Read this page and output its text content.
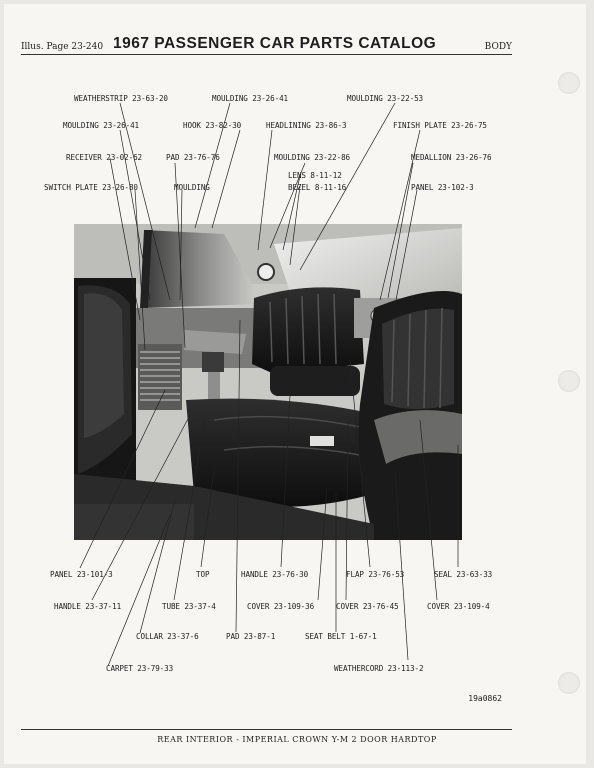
Illus. Page 23-240 1967 PASSENGER CAR PARTS CATALOG	BODY
WEATHERSTRIP 23-63-20	MOULDING 23-26-41	MOULDING 23-22-53
MOULDING 23-26-41	HOOK 23-82-30	HEADLINING 23-86-3	FINISH PLATE 23-26-75
RECEIVER 23-02-62	PAD 23-76-76	MOULDING 23-22-86	MEDALLION 23-26-76
LENS 8-11-12
BEZEL 8-11-16
SWITCH PLATE 23-26-80	MOULDING	PANEL 23-102-3
PANEL 23-101-3	TOP	HANDLE 23-76-30	FLAP 23-76-53	SEAL 23-63-33
HANDLE 23-37-11	TUBE 23-37-4	COVER 23-109-36	COVER 23-76-45	COVER 23-109-4
COLLAR 23-37-6	PAD 23-87-1	SEAT BELT 1-67-1
CARPET 23-79-33	WEATHERCORD 23-113-2
19a0862
REAR INTERIOR - IMPERIAL CROWN Y-M 2 DOOR HARDTOP
